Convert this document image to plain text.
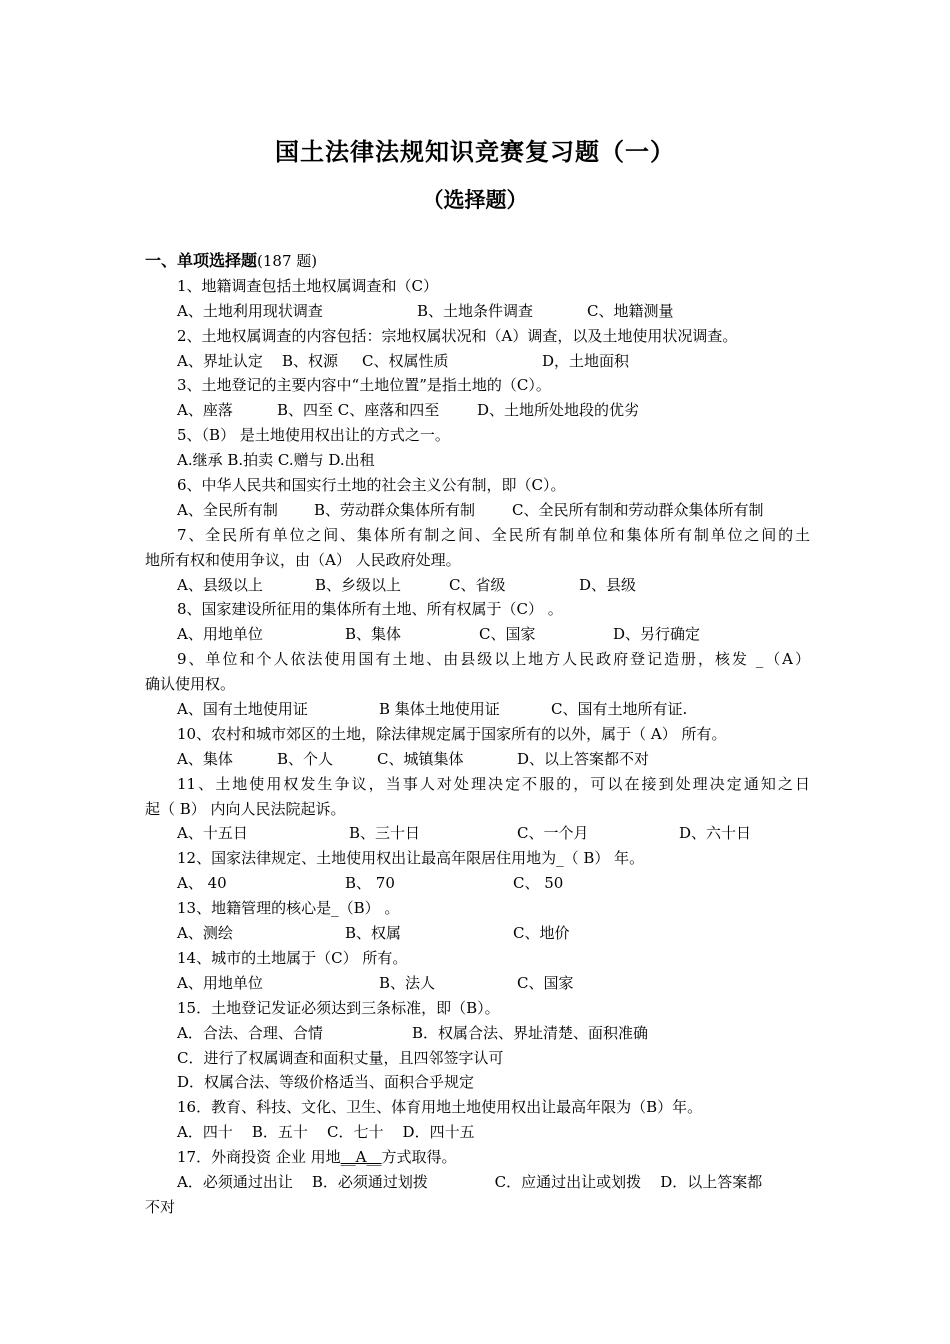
国土法律法规知识竞赛复习题（一）
（选择题）
一、单项选择题(187 题)
1、地籍调查包括土地权属调查和（C）
A、土地利用现状调查	B、土地条件调查	C、地籍测量
2、土地权属调查的内容包括：宗地权属状况和（A）调查，以及土地使用状况调查。
A、界址认定 B、权源 C、权属性质	D，土地面积
3、土地登记的主要内容中“土地位置”是指土地的（C）。
A、座落	B、四至 C、座落和四至	D、土地所处地段的优劣
5、（B） 是土地使用权出让的方式之一。
A.继承 B.拍卖 C.赠与 D.出租
6、中华人民共和国实行土地的社会主义公有制，即（C）。
A、全民所有制 B、劳动群众集体所有制 C、全民所有制和劳动群众集体所有制
7、全民所有单位之间、集体所有制之间、全民所有制单位和集体所有制单位之间的土
地所有权和使用争议，由（A） 人民政府处理。
A、县级以上	B、乡级以上	C、省级	D、县级
8、国家建设所征用的集体所有土地、所有权属于（C） 。
A、用地单位	B、集体	C、国家	D、另行确定
9、单位和个人依法使用国有土地、由县级以上地方人民政府登记造册，核发 _（A）
确认使用权。
A、国有土地使用证	B 集体土地使用证	C、国有土地所有证.
10、农村和城市郊区的土地，除法律规定属于国家所有的以外，属于（ A） 所有。
A、集体	B、个人	C、城镇集体	D、以上答案都不对
11、土地使用权发生争议，当事人对处理决定不服的，可以在接到处理决定通知之日
起（ B） 内向人民法院起诉。
A、十五日	B、三十日	C、一个月	D、六十日
12、国家法律规定、土地使用权出让最高年限居住用地为_（ B） 年。
A、 40	B、 70	C、 50
13、地籍管理的核心是_（B） 。
A、测绘	B、权属	C、地价
14、城市的土地属于（C） 所有。
A、用地单位	B、法人	C、国家
15．土地登记发证必须达到三条标准，即（B）。
A．合法、合理、合情	B．权属合法、界址清楚、面积准确
C．进行了权属调查和面积丈量，且四邻签字认可
D．权属合法、等级价格适当、面积合乎规定
16．教育、科技、文化、卫生、体育用地土地使用权出让最高年限为（B）年。
A．四十    B．五十    C．七十    D．四十五
17．外商投资 企业 用地__A__方式取得。
A．必须通过出让    B．必须通过划拨              C．应通过出让或划拨    D．以上答案都
不对
